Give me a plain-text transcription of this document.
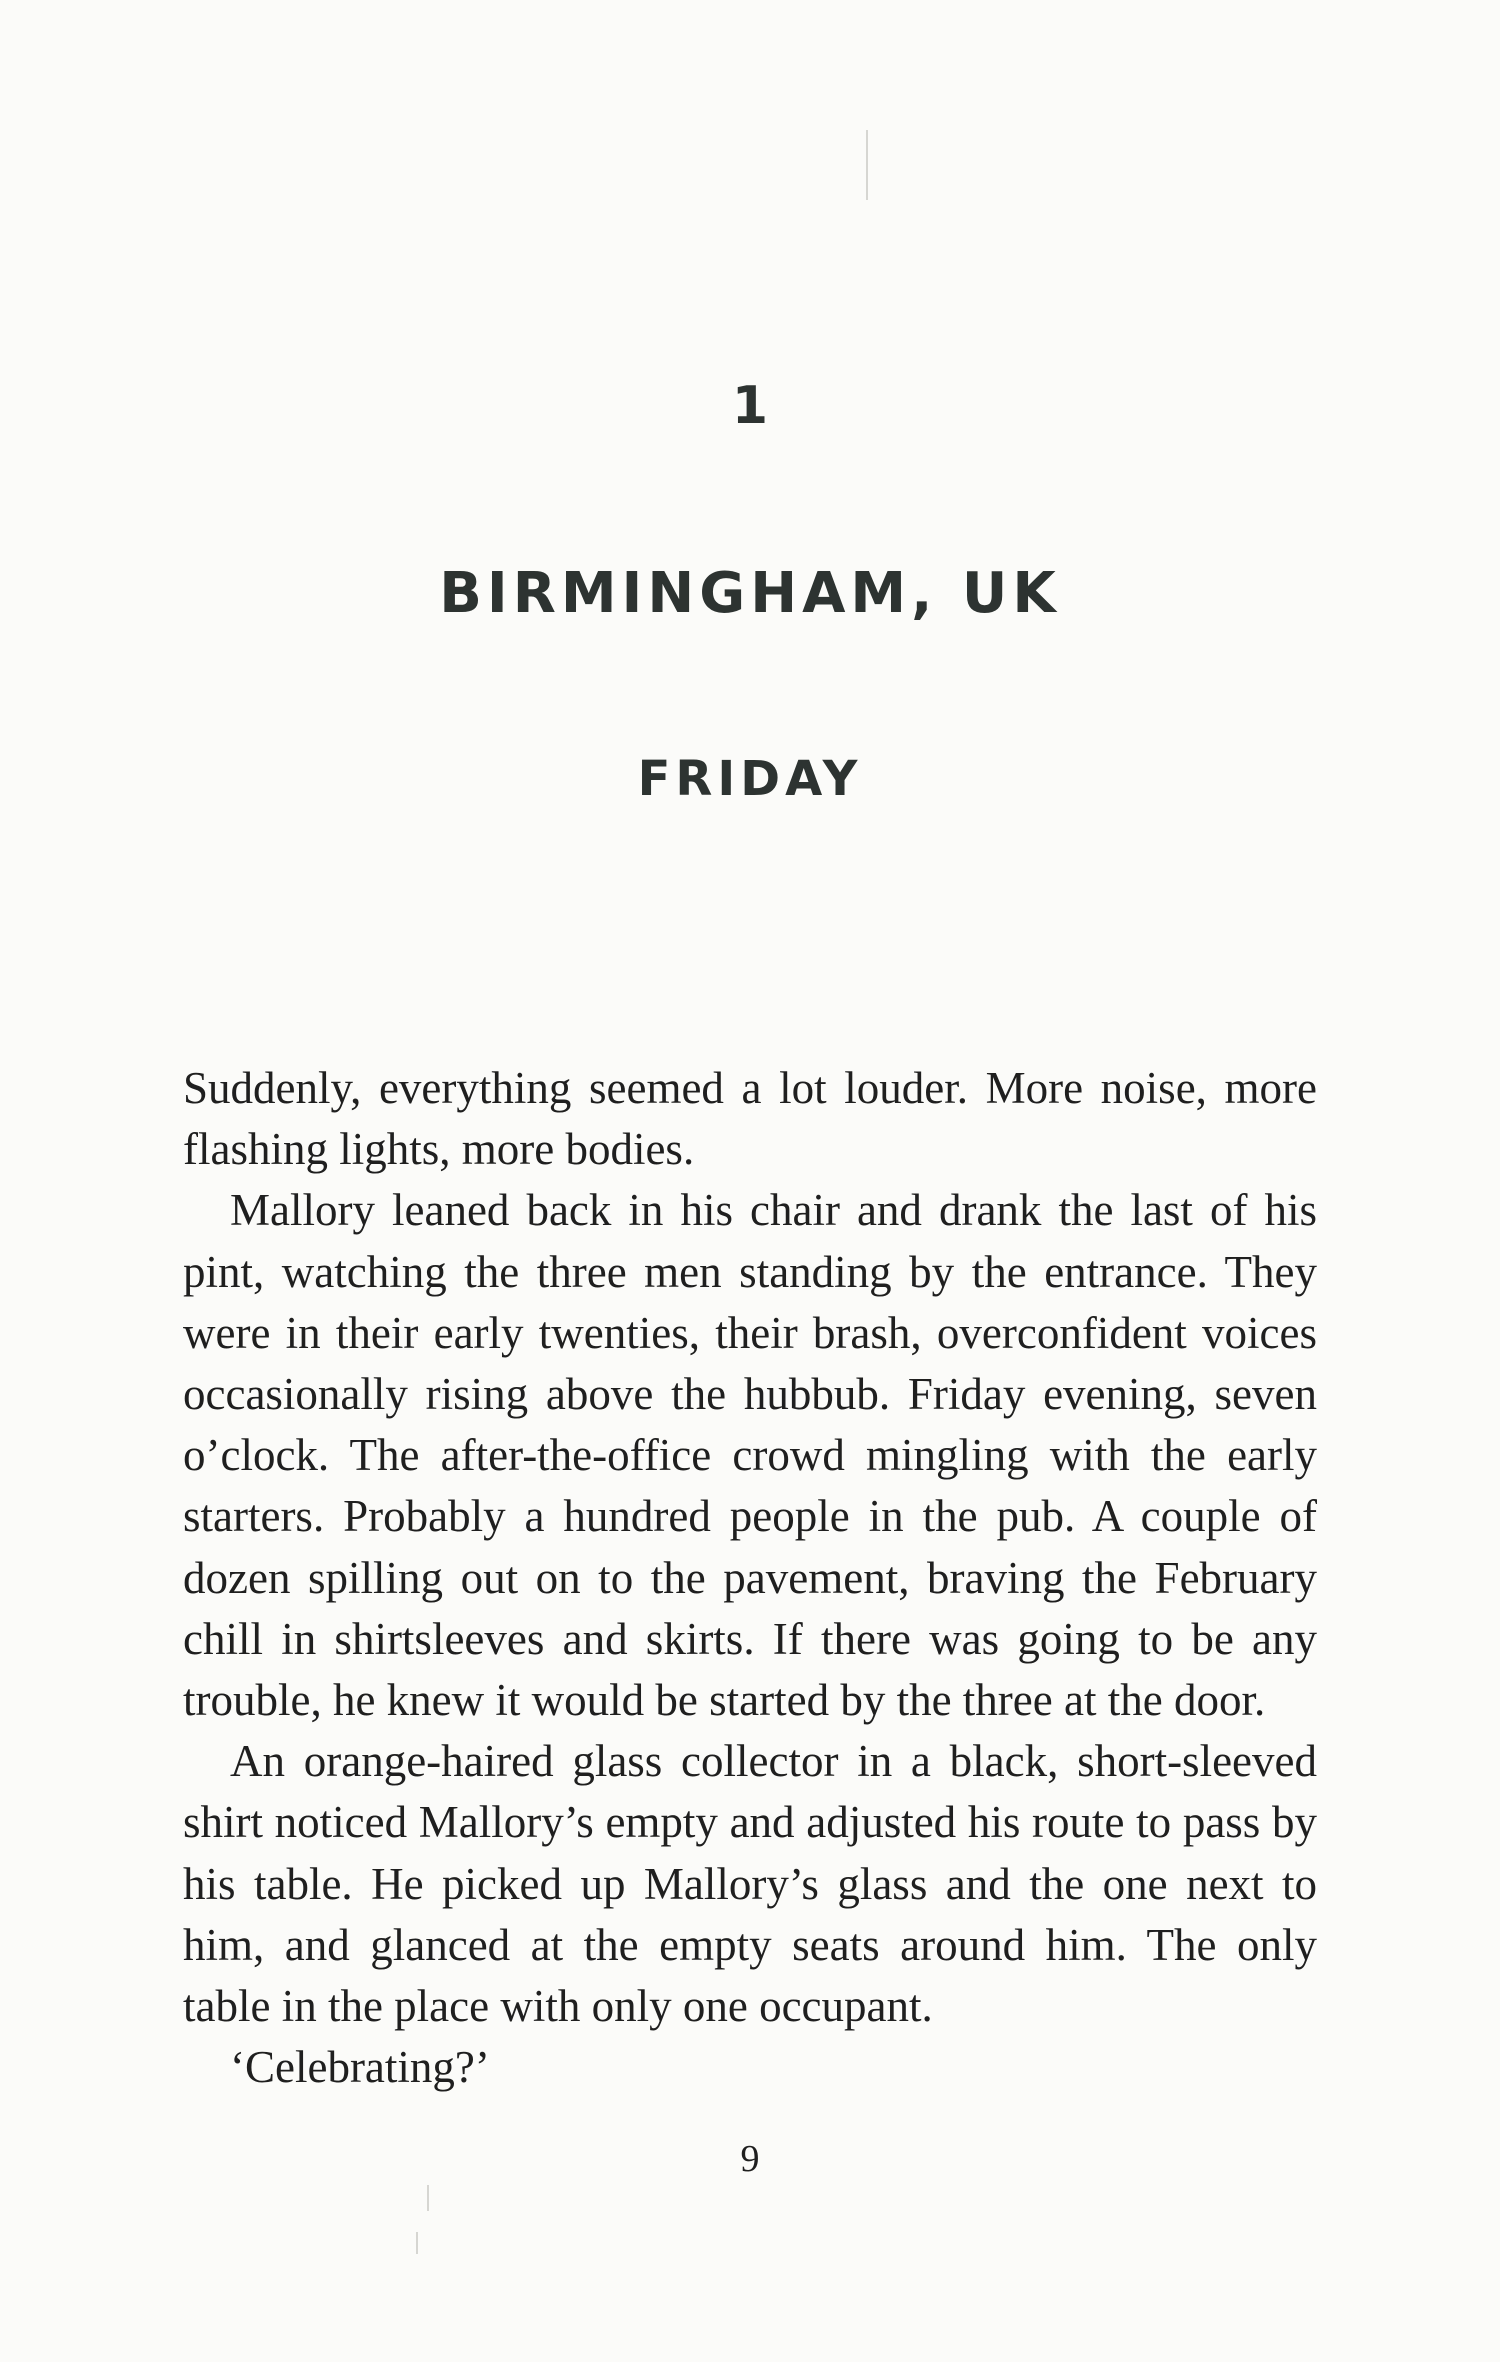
1
BIRMINGHAM, UK
FRIDAY

Suddenly, everything seemed a lot louder. More noise, more flashing lights, more bodies.

Mallory leaned back in his chair and drank the last of his pint, watching the three men standing by the entrance. They were in their early twenties, their brash, overconfident voices occasionally rising above the hubbub. Friday evening, seven o’clock. The after-the-office crowd mingling with the early starters. Probably a hundred people in the pub. A couple of dozen spilling out on to the pavement, braving the February chill in shirtsleeves and skirts. If there was going to be any trouble, he knew it would be started by the three at the door.

An orange-haired glass collector in a black, short-sleeved shirt noticed Mallory’s empty and adjusted his route to pass by his table. He picked up Mallory’s glass and the one next to him, and glanced at the empty seats around him. The only table in the place with only one occupant.

‘Celebrating?’

9
